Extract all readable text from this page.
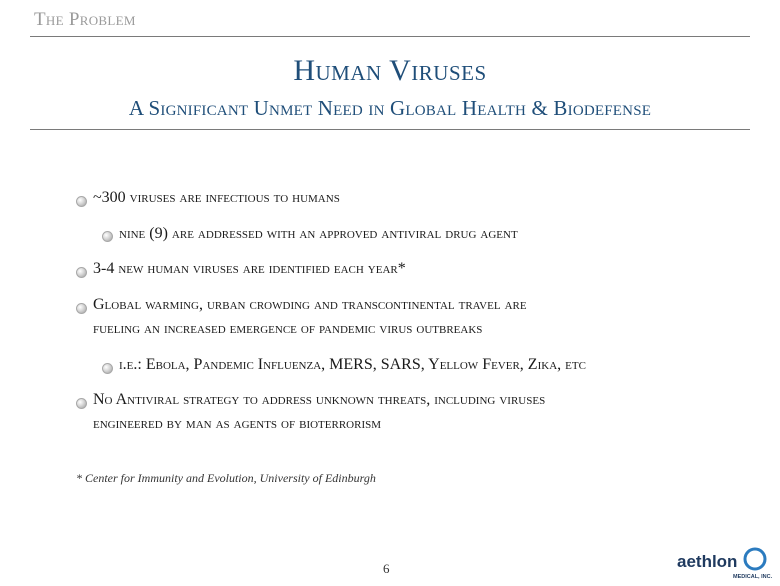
The Problem
Human Viruses
A Significant Unmet Need in Global Health & Biodefense
~300 viruses are infectious to humans
nine (9) are addressed with an approved antiviral drug agent
3-4 new human viruses are identified each year*
Global warming, urban crowding and transcontinental travel are
fueling an increased emergence of pandemic virus outbreaks
i.e.: Ebola, Pandemic Influenza, MERS, SARS, Yellow Fever, Zika, etc
No Antiviral strategy to address unknown threats, including viruses
engineered by man as agents of bioterrorism
* Center for Immunity and Evolution, University of Edinburgh
6	aethlon
MEDICAL, INC.
